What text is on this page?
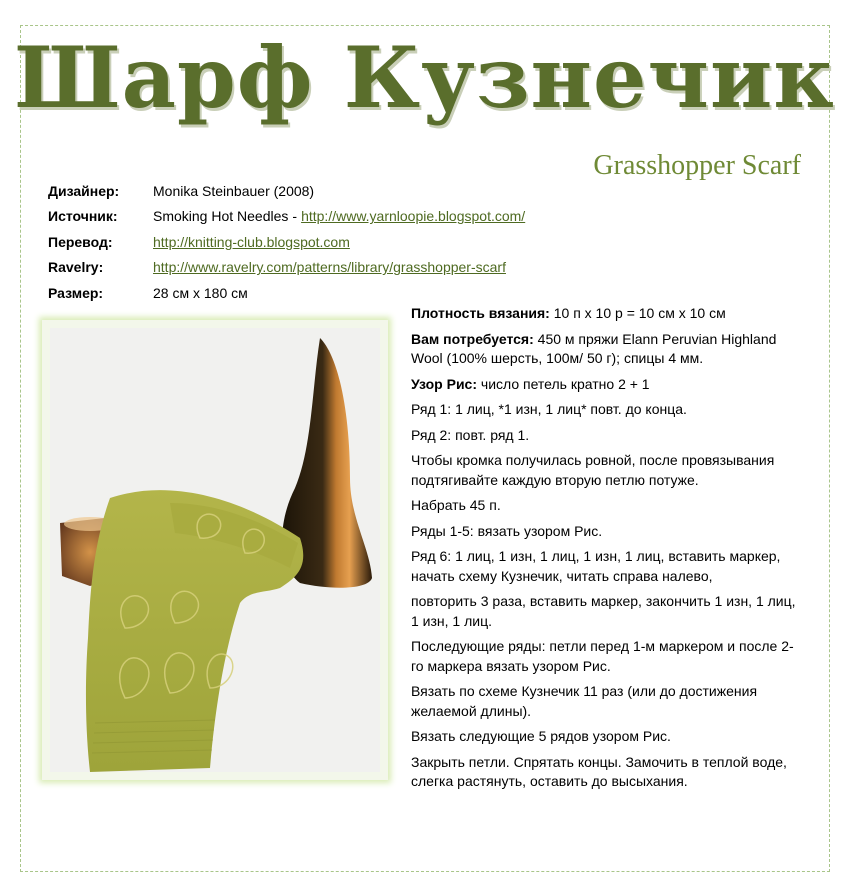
Шарф Кузнечик
Grasshopper Scarf
Дизайнер:	Monika Steinbauer (2008)
Источник:	Smoking Hot Needles - http://www.yarnloopie.blogspot.com/
Перевод:	http://knitting-club.blogspot.com
Ravelry:	http://www.ravelry.com/patterns/library/grasshopper-scarf
Размер:	28 см х 180 см

Плотность вязания: 10 п х 10 р = 10 см х 10 см

Вам потребуется: 450 м пряжи Elann Peruvian Highland Wool (100% шерсть, 100м/ 50 г); спицы 4 мм.

Узор Рис: число петель кратно 2 + 1

Ряд 1: 1 лиц, *1 изн, 1 лиц* повт. до конца.

Ряд 2: повт. ряд 1.

Чтобы кромка получилась ровной, после провязывания подтягивайте каждую вторую петлю потуже.

Набрать 45 п.

Ряды 1-5: вязать узором Рис.

Ряд 6: 1 лиц, 1 изн, 1 лиц, 1 изн, 1 лиц, вставить маркер, начать схему Кузнечик, читать справа налево,

повторить 3 раза, вставить маркер, закончить 1 изн, 1 лиц, 1 изн, 1 лиц.

Последующие ряды: петли перед 1-м маркером и после 2-го маркера вязать узором Рис.

Вязать по схеме Кузнечик 11 раз (или до достижения желаемой длины).

Вязать следующие 5 рядов узором Рис.

Закрыть петли. Спрятать концы. Замочить в теплой воде, слегка растянуть, оставить до высыхания.
